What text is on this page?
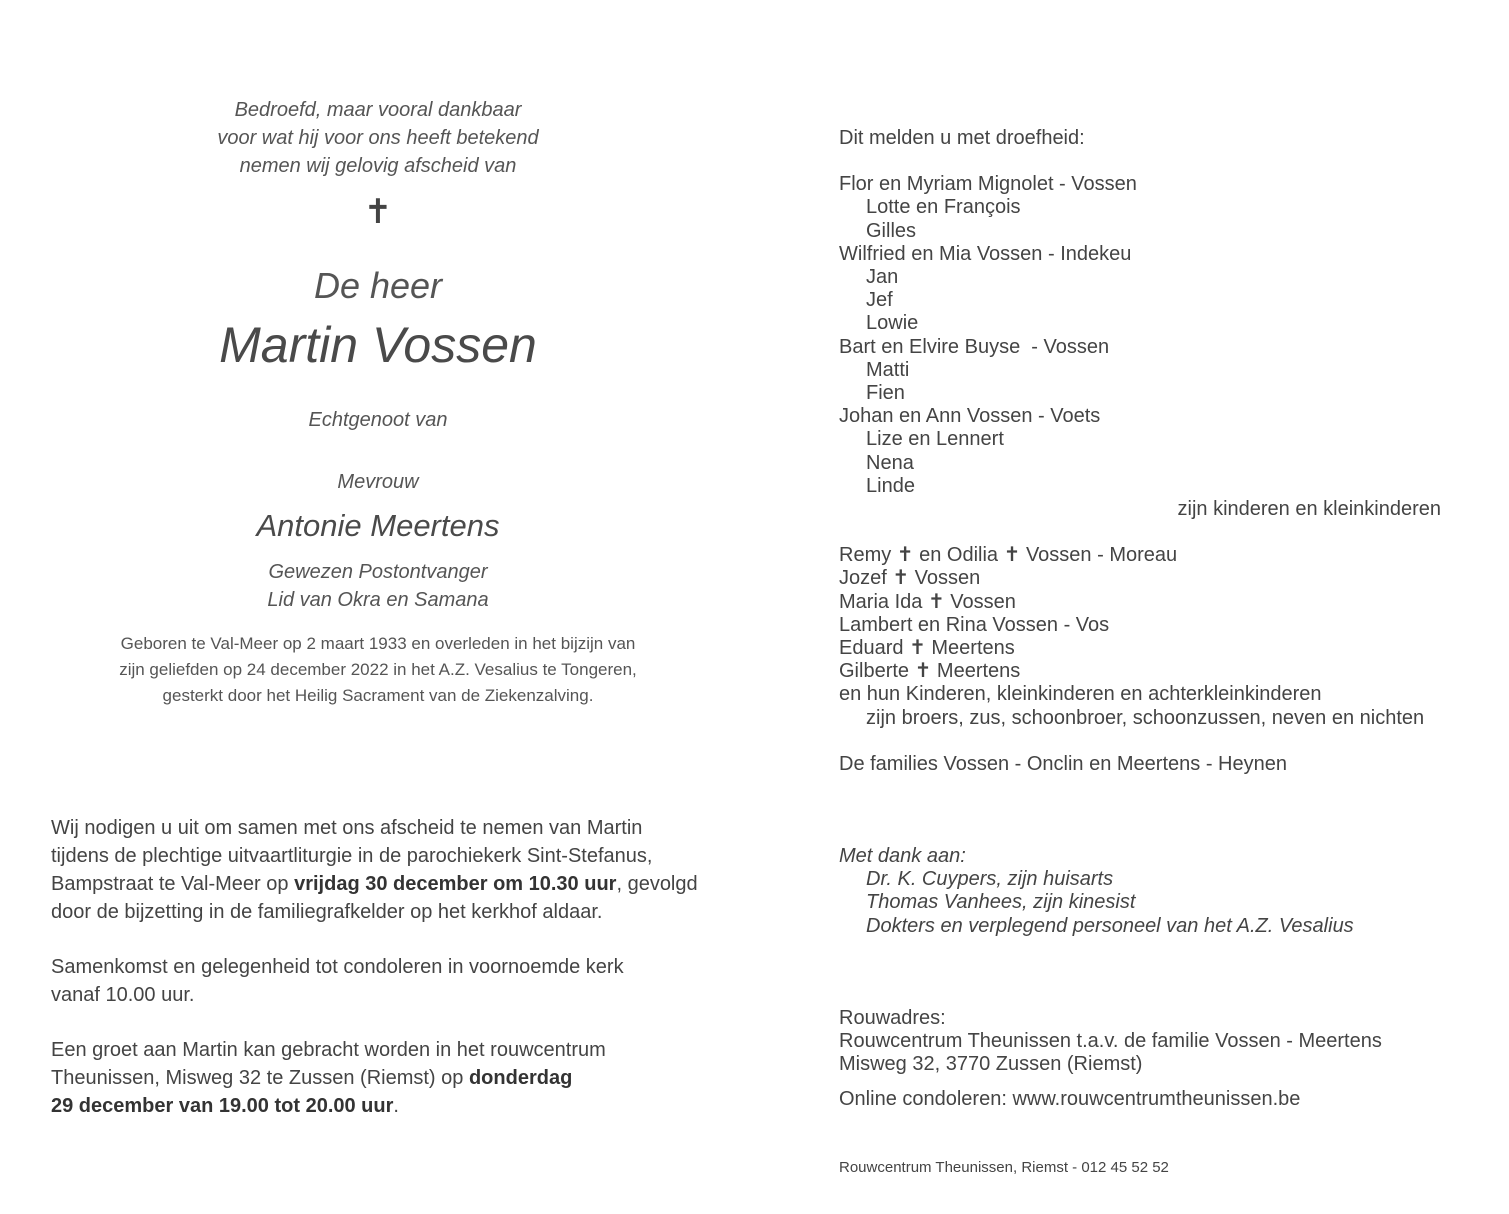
Bedroefd, maar vooral dankbaar
voor wat hij voor ons heeft betekend
nemen wij gelovig afscheid van
✝
De heer
Martin Vossen
Echtgenoot van
Mevrouw
Antonie Meertens
Gewezen Postontvanger
Lid van Okra en Samana
Geboren te Val-Meer op 2 maart 1933 en overleden in het bijzijn van
zijn geliefden op 24 december 2022 in het A.Z. Vesalius te Tongeren,
gesterkt door het Heilig Sacrament van de Ziekenzalving.

Wij nodigen u uit om samen met ons afscheid te nemen van Martin
tijdens de plechtige uitvaartliturgie in de parochiekerk Sint-Stefanus,
Bampstraat te Val-Meer op vrijdag 30 december om 10.30 uur, gevolgd
door de bijzetting in de familiegrafkelder op het kerkhof aldaar.

Samenkomst en gelegenheid tot condoleren in voornoemde kerk
vanaf 10.00 uur.

Een groet aan Martin kan gebracht worden in het rouwcentrum
Theunissen, Misweg 32 te Zussen (Riemst) op donderdag
29 december van 19.00 tot 20.00 uur.

Dit melden u met droefheid:
Flor en Myriam Mignolet - Vossen
Lotte en François
Gilles
Wilfried en Mia Vossen - Indekeu
Jan
Jef
Lowie
Bart en Elvire Buyse  - Vossen
Matti
Fien
Johan en Ann Vossen - Voets
Lize en Lennert
Nena
Linde
zijn kinderen en kleinkinderen
Remy ✝ en Odilia ✝ Vossen - Moreau
Jozef ✝ Vossen
Maria Ida ✝ Vossen
Lambert en Rina Vossen - Vos
Eduard ✝ Meertens
Gilberte ✝ Meertens
en hun Kinderen, kleinkinderen en achterkleinkinderen
zijn broers, zus, schoonbroer, schoonzussen, neven en nichten
De families Vossen - Onclin en Meertens - Heynen
Met dank aan:
Dr. K. Cuypers, zijn huisarts
Thomas Vanhees, zijn kinesist
Dokters en verplegend personeel van het A.Z. Vesalius
Rouwadres:
Rouwcentrum Theunissen t.a.v. de familie Vossen - Meertens
Misweg 32, 3770 Zussen (Riemst)
Online condoleren: www.rouwcentrumtheunissen.be
Rouwcentrum Theunissen, Riemst - 012 45 52 52
